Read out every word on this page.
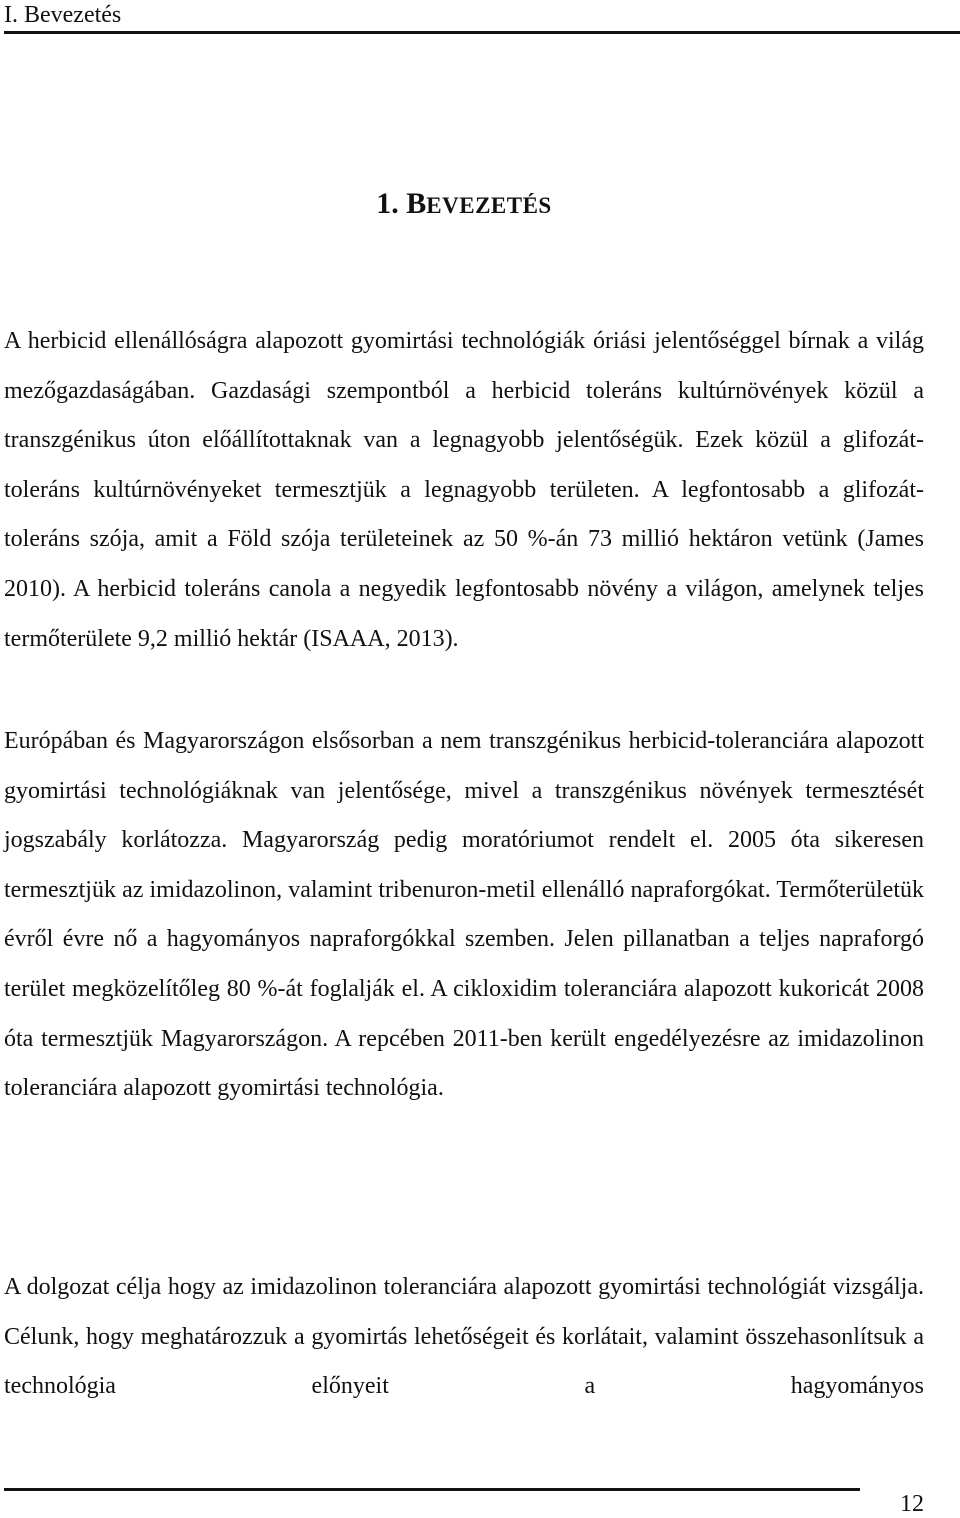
I. Bevezetés
1. BEVEZETÉS

A herbicid ellenállóságra alapozott gyomirtási technológiák óriási jelentőséggel bírnak a világ mezőgazdaságában. Gazdasági szempontból a herbicid toleráns kultúrnövények közül a transzgénikus úton előállítottaknak van a legnagyobb jelentőségük. Ezek közül a glifozát-toleráns kultúrnövényeket termesztjük a legnagyobb területen. A legfontosabb a glifozát-toleráns szója, amit a Föld szója területeinek az 50 %-án 73 millió hektáron vetünk (James 2010). A herbicid toleráns canola a negyedik legfontosabb növény a világon, amelynek teljes termőterülete 9,2 millió hektár (ISAAA, 2013).

Európában és Magyarországon elsősorban a nem transzgénikus herbicid-toleranciára alapozott gyomirtási technológiáknak van jelentősége, mivel a transzgénikus növények termesztését jogszabály korlátozza. Magyarország pedig moratóriumot rendelt el. 2005 óta sikeresen termesztjük az imidazolinon, valamint tribenuron-metil ellenálló napraforgókat. Termőterületük évről évre nő a hagyományos napraforgókkal szemben. Jelen pillanatban a teljes napraforgó terület megközelítőleg 80 %-át foglalják el. A cikloxidim toleranciára alapozott kukoricát 2008 óta termesztjük Magyarországon. A repcében 2011-ben került engedélyezésre az imidazolinon toleranciára alapozott gyomirtási technológia.

A dolgozat célja hogy az imidazolinon toleranciára alapozott gyomirtási technológiát vizsgálja. Célunk, hogy meghatározzuk a gyomirtás lehetőségeit és korlátait, valamint összehasonlítsuk a technológia előnyeit a hagyományos

12
